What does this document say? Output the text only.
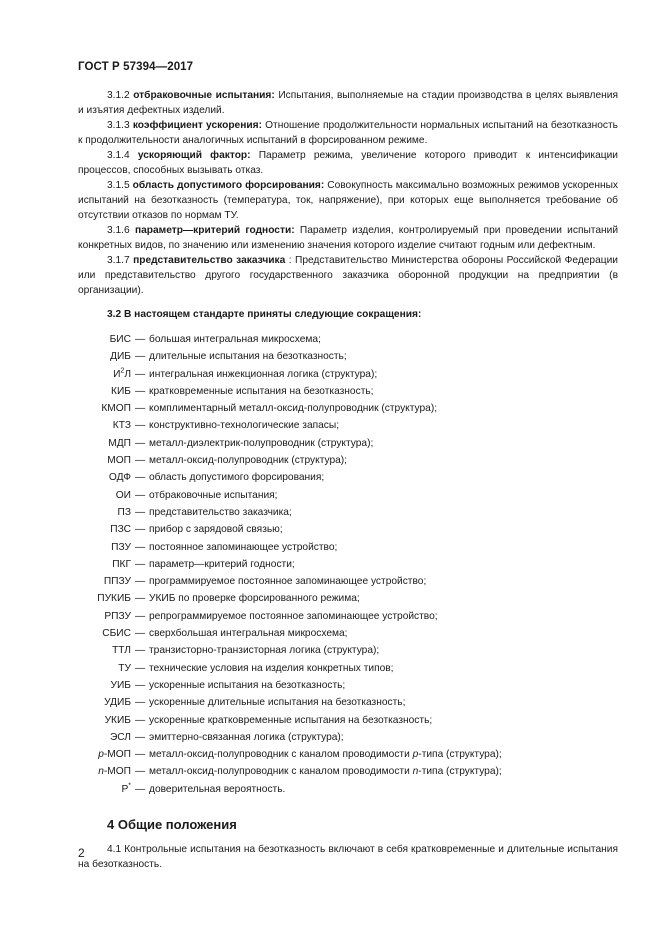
ГОСТ Р 57394—2017

3.1.2 отбраковочные испытания: Испытания, выполняемые на стадии производства в целях выявления и изъятия дефектных изделий.

3.1.3 коэффициент ускорения: Отношение продолжительности нормальных испытаний на безотказность к продолжительности аналогичных испытаний в форсированном режиме.

3.1.4 ускоряющий фактор: Параметр режима, увеличение которого приводит к интенсификации процессов, способных вызывать отказ.

3.1.5 область допустимого форсирования: Совокупность максимально возможных режимов ускоренных испытаний на безотказность (температура, ток, напряжение), при которых еще выполняется требование об отсутствии отказов по нормам ТУ.

3.1.6 параметр—критерий годности: Параметр изделия, контролируемый при проведении испытаний конкретных видов, по значению или изменению значения которого изделие считают годным или дефектным.

3.1.7 представительство заказчика : Представительство Министерства обороны Российской Федерации или представительство другого государственного заказчика оборонной продукции на предприятии (в организации).

3.2 В настоящем стандарте приняты следующие сокращения:

БИС — большая интегральная микросхема;
ДИБ — длительные испытания на безотказность;
$И^2Л$ — интегральная инжекционная логика (структура);
КИБ — кратковременные испытания на безотказность;
КМОП — комплиментарный металл-оксид-полупроводник (структура);
КТЗ — конструктивно-технологические запасы;
МДП — металл-диэлектрик-полупроводник (структура);
МОП — металл-оксид-полупроводник (структура);
ОДФ — область допустимого форсирования;
ОИ — отбраковочные испытания;
ПЗ — представительство заказчика;
ПЗС — прибор с зарядовой связью;
ПЗУ — постоянное запоминающее устройство;
ПКГ — параметр—критерий годности;
ППЗУ — программируемое постоянное запоминающее устройство;
ПУКИБ — УКИБ по проверке форсированного режима;
РПЗУ — репрограммируемое постоянное запоминающее устройство;
СБИС — сверхбольшая интегральная микросхема;
ТТЛ — транзисторно-транзисторная логика (структура);
ТУ — технические условия на изделия конкретных типов;
УИБ — ускоренные испытания на безотказность;
УДИБ — ускоренные длительные испытания на безотказность;
УКИБ — ускоренные кратковременные испытания на безотказность;
ЭСЛ — эмиттерно-связанная логика (структура);
p-МОП — металл-оксид-полупроводник с каналом проводимости p-типа (структура);
n-МОП — металл-оксид-полупроводник с каналом проводимости n-типа (структура);
Р* — доверительная вероятность.
4 Общие положения

4.1 Контрольные испытания на безотказность включают в себя кратковременные и длительные испытания на безотказность.

2
